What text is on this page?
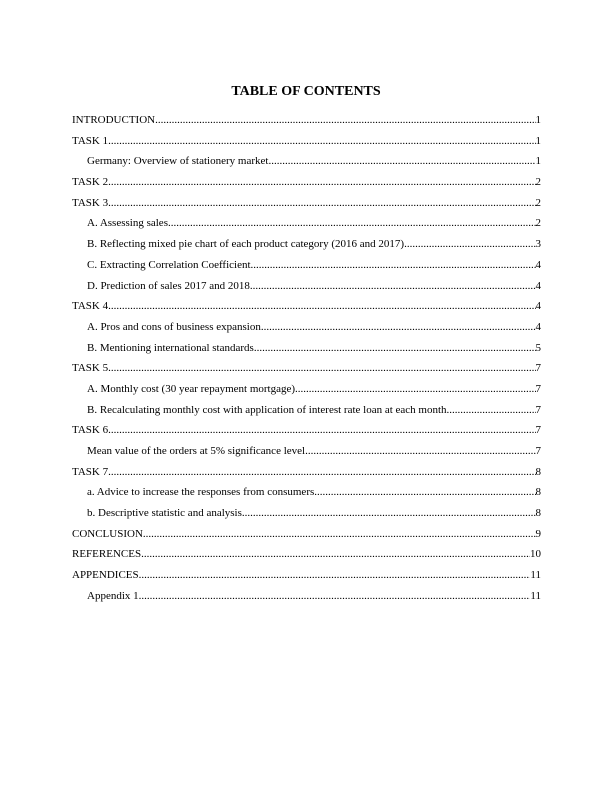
TABLE OF CONTENTS
INTRODUCTION .....	1
TASK 1 .....	1
Germany: Overview of stationery market .....	1
TASK 2 .....	2
TASK 3 .....	2
A. Assessing sales .....	2
B. Reflecting mixed pie chart of each product category (2016 and 2017) .....	3
C. Extracting Correlation Coefficient .....	4
D. Prediction of sales 2017 and 2018 .....	4
TASK 4 .....	4
A. Pros and cons of business expansion .....	4
B. Mentioning international standards .....	5
TASK 5 .....	7
A. Monthly cost (30 year repayment mortgage) .....	7
B. Recalculating monthly cost with application of interest rate loan at each month .....	7
TASK 6 .....	7
Mean value of the orders at 5% significance level .....	7
TASK 7 .....	8
a. Advice to increase the responses from consumers .....	8
b. Descriptive statistic and analysis .....	8
CONCLUSION .....	9
REFERENCES .....	10
APPENDICES .....	11
Appendix 1 .....	11
